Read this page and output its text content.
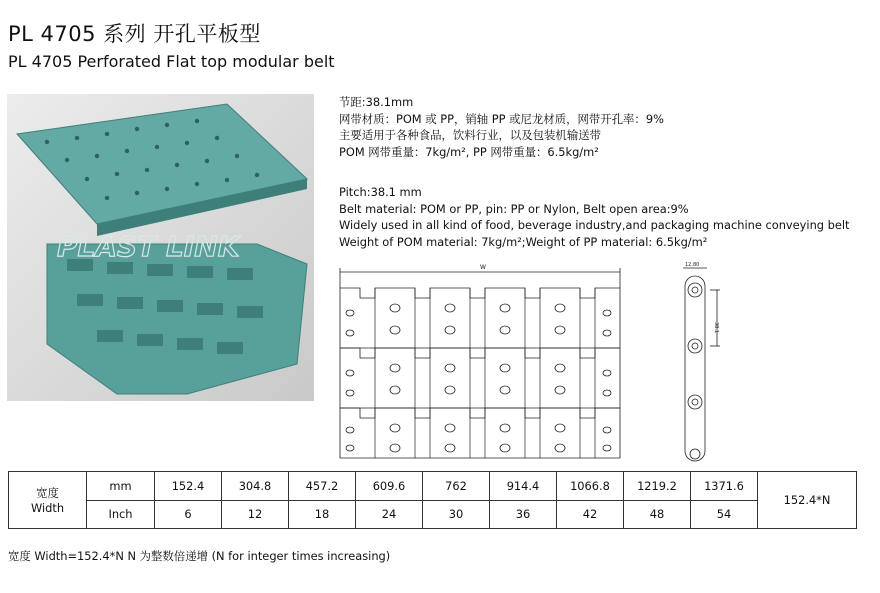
PL 4705 系列 开孔平板型
PL 4705 Perforated Flat top modular belt
PLAST LINK
节距:38.1mm
网带材质：POM 或 PP，销轴 PP 或尼龙材质，网带开孔率：9%
主要适用于各种食品，饮料行业，以及包装机输送带
POM 网带重量：7kg/m², PP 网带重量：6.5kg/m²
Pitch:38.1 mm
Belt material: POM or PP, pin: PP or Nylon, Belt open area:9%
Widely used in all kind of food, beverage industry,and packaging machine conveying belt
Weight of POM material: 7kg/m²;Weight of PP material: 6.5kg/m²
W	12.80
38.1
宽度
Width	mm	152.4	304.8	457.2	609.6	762	914.4	1066.8	1219.2	1371.6	152.4*N
	Inch	6	12	18	24	30	36	42	48	54	
宽度 Width=152.4*N N 为整数倍递增 (N for integer times increasing)
